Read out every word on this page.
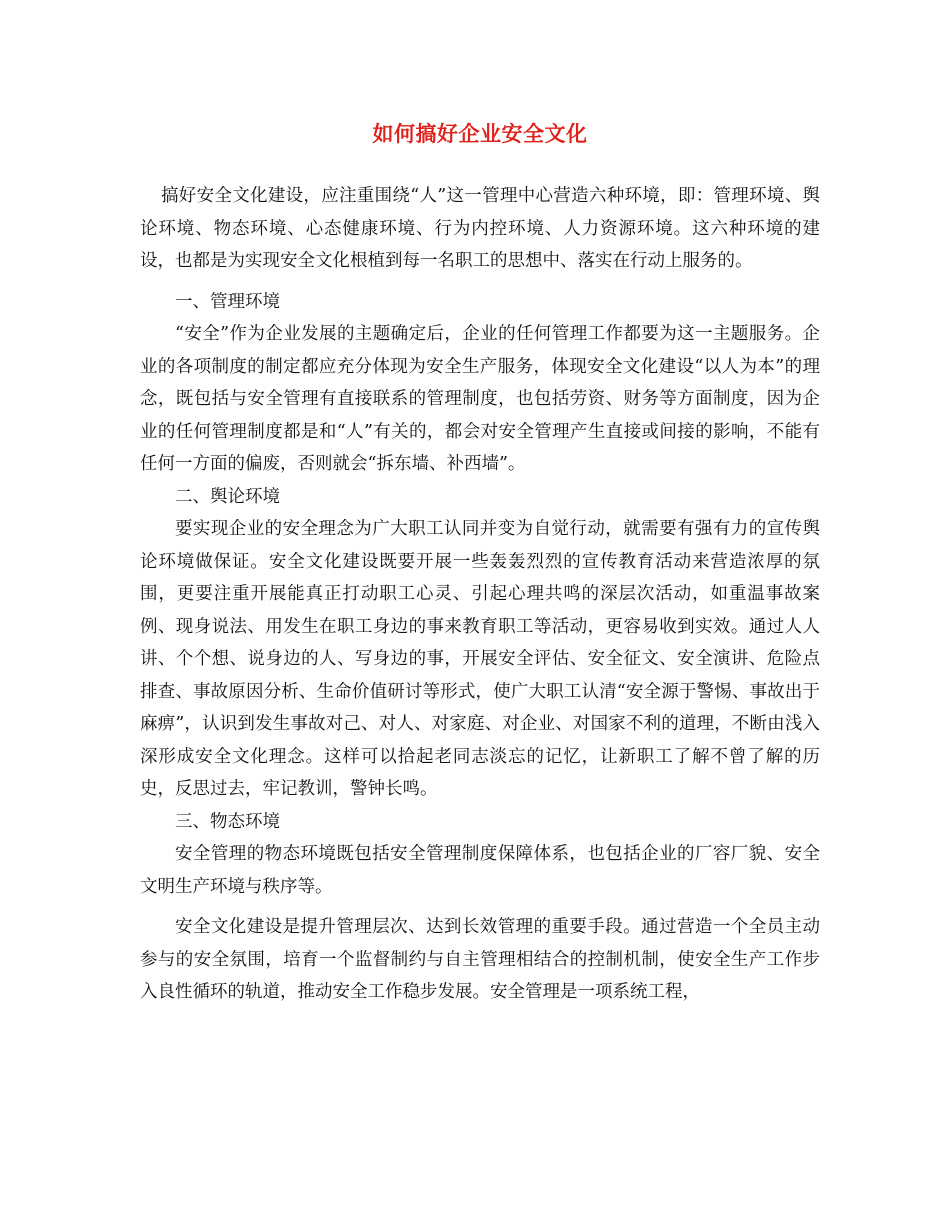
如何搞好企业安全文化

搞好安全文化建设，应注重围绕“人”这一管理中心营造六种环境，即：管理环境、舆论环境、物态环境、心态健康环境、行为内控环境、人力资源环境。这六种环境的建设，也都是为实现安全文化根植到每一名职工的思想中、落实在行动上服务的。

一、管理环境

“安全”作为企业发展的主题确定后，企业的任何管理工作都要为这一主题服务。企业的各项制度的制定都应充分体现为安全生产服务，体现安全文化建设“以人为本”的理念，既包括与安全管理有直接联系的管理制度，也包括劳资、财务等方面制度，因为企业的任何管理制度都是和“人”有关的，都会对安全管理产生直接或间接的影响，不能有任何一方面的偏废，否则就会“拆东墙、补西墙”。

二、舆论环境

要实现企业的安全理念为广大职工认同并变为自觉行动，就需要有强有力的宣传舆论环境做保证。安全文化建设既要开展一些轰轰烈烈的宣传教育活动来营造浓厚的氛围，更要注重开展能真正打动职工心灵、引起心理共鸣的深层次活动，如重温事故案例、现身说法、用发生在职工身边的事来教育职工等活动，更容易收到实效。通过人人讲、个个想、说身边的人、写身边的事，开展安全评估、安全征文、安全演讲、危险点排查、事故原因分析、生命价值研讨等形式，使广大职工认清“安全源于警惕、事故出于麻痹”，认识到发生事故对己、对人、对家庭、对企业、对国家不利的道理，不断由浅入深形成安全文化理念。这样可以拾起老同志淡忘的记忆，让新职工了解不曾了解的历史，反思过去，牢记教训，警钟长鸣。

三、物态环境

安全管理的物态环境既包括安全管理制度保障体系，也包括企业的厂容厂貌、安全文明生产环境与秩序等。

安全文化建设是提升管理层次、达到长效管理的重要手段。通过营造一个全员主动参与的安全氛围，培育一个监督制约与自主管理相结合的控制机制，使安全生产工作步入良性循环的轨道，推动安全工作稳步发展。安全管理是一项系统工程，
